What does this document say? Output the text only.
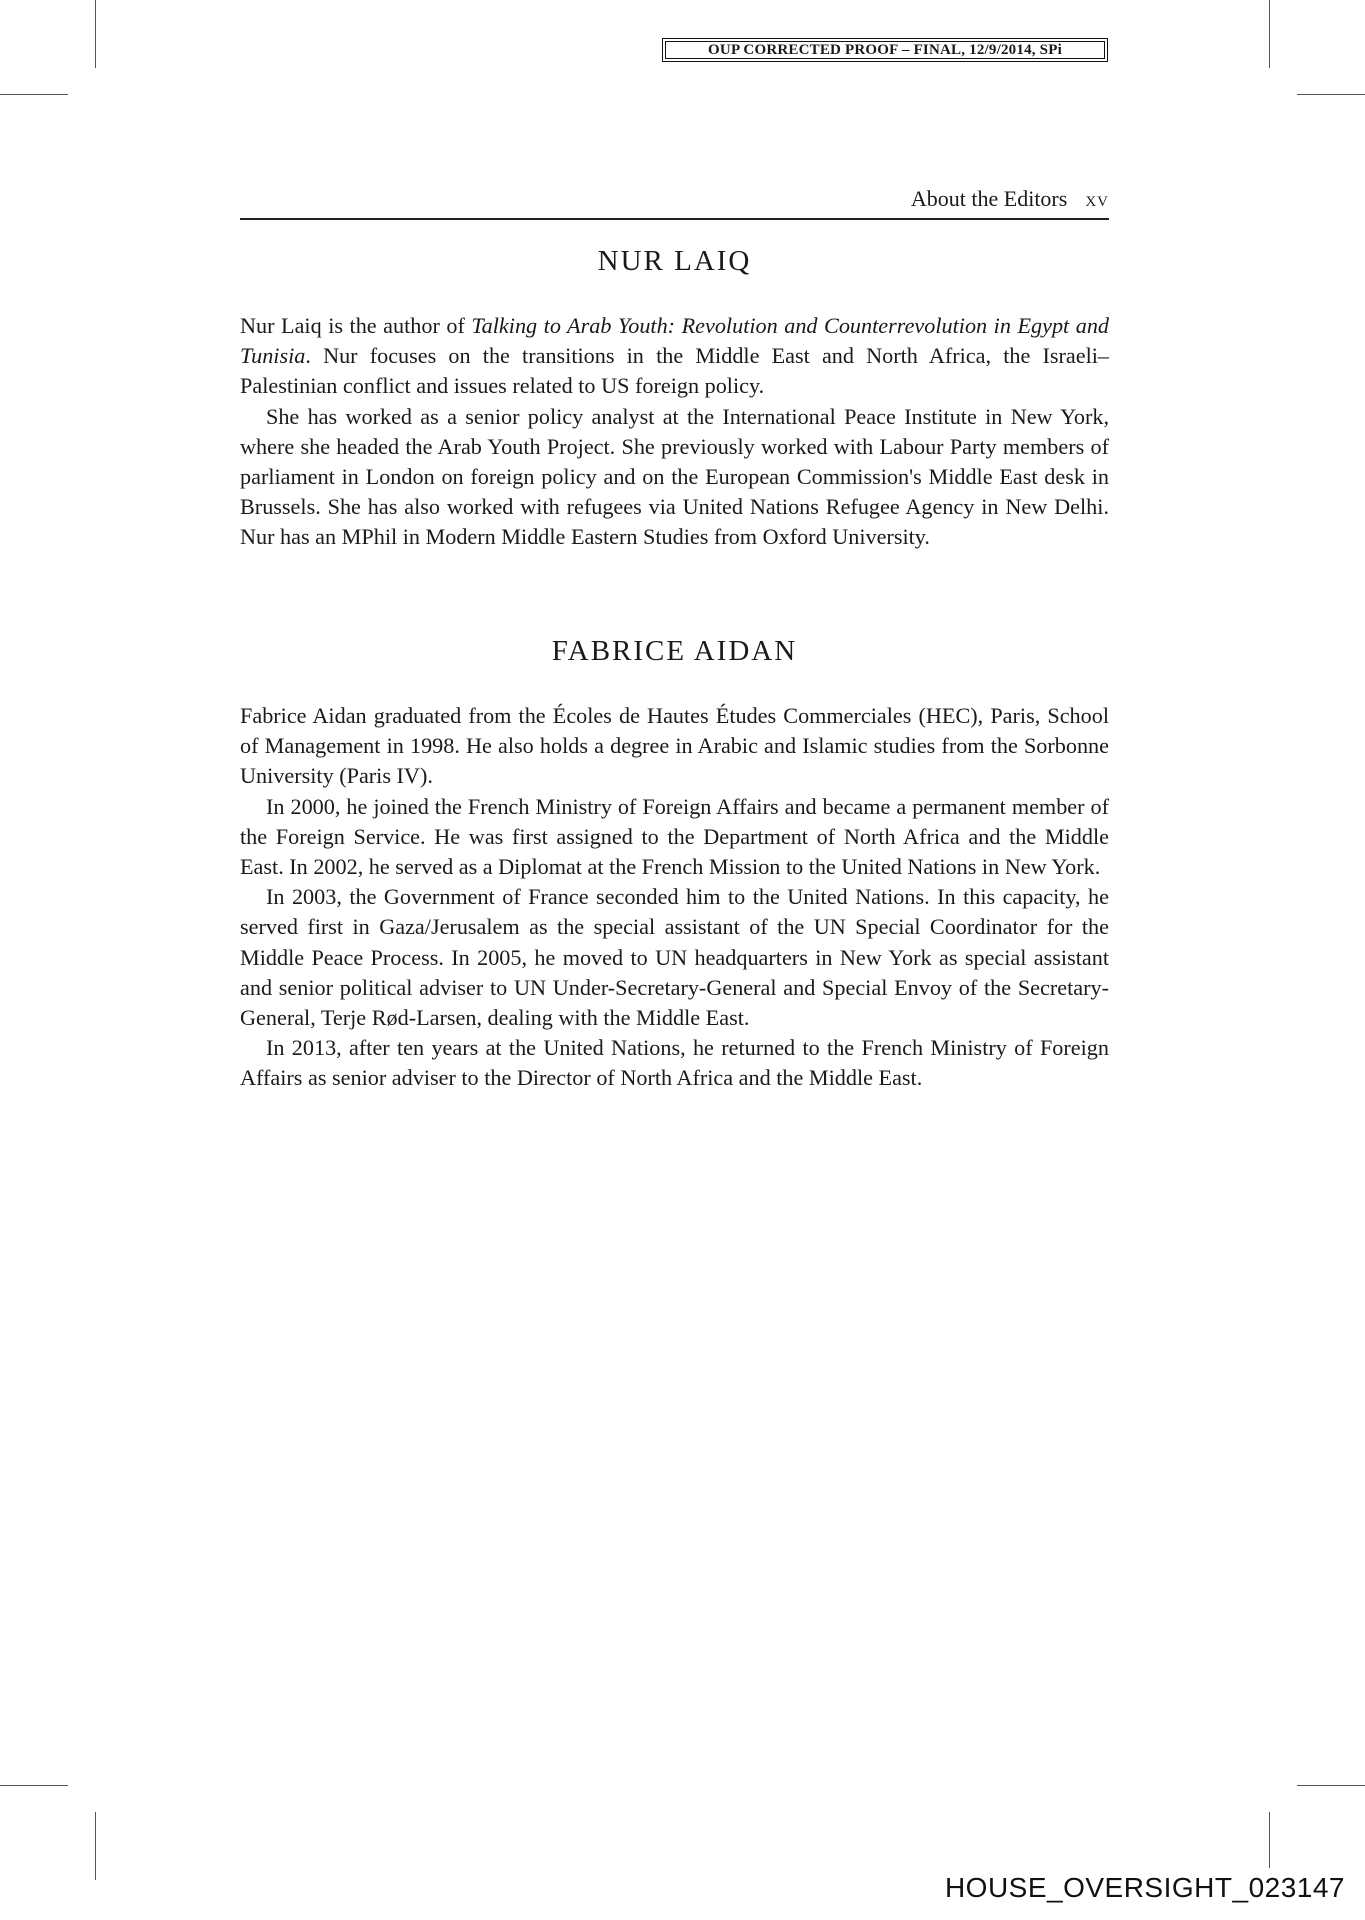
OUP CORRECTED PROOF – FINAL, 12/9/2014, SPi
About the Editors xv
NUR LAIQ

Nur Laiq is the author of Talking to Arab Youth: Revolution and Counterrevolution in Egypt and Tunisia. Nur focuses on the transitions in the Middle East and North Africa, the Israeli–Palestinian conflict and issues related to US foreign policy.

She has worked as a senior policy analyst at the International Peace Institute in New York, where she headed the Arab Youth Project. She previously worked with Labour Party members of parliament in London on foreign policy and on the European Commission's Middle East desk in Brussels. She has also worked with refugees via United Nations Refugee Agency in New Delhi. Nur has an MPhil in Modern Middle Eastern Studies from Oxford University.

FABRICE AIDAN

Fabrice Aidan graduated from the Écoles de Hautes Études Commerciales (HEC), Paris, School of Management in 1998. He also holds a degree in Arabic and Islamic studies from the Sorbonne University (Paris IV).

In 2000, he joined the French Ministry of Foreign Affairs and became a permanent member of the Foreign Service. He was first assigned to the Department of North Africa and the Middle East. In 2002, he served as a Diplomat at the French Mission to the United Nations in New York.

In 2003, the Government of France seconded him to the United Nations. In this capacity, he served first in Gaza/Jerusalem as the special assistant of the UN Special Coordinator for the Middle Peace Process. In 2005, he moved to UN headquarters in New York as special assistant and senior political adviser to UN Under-Secretary-General and Special Envoy of the Secretary-General, Terje Rød-Larsen, dealing with the Middle East.

In 2013, after ten years at the United Nations, he returned to the French Ministry of Foreign Affairs as senior adviser to the Director of North Africa and the Middle East.

HOUSE_OVERSIGHT_023147
